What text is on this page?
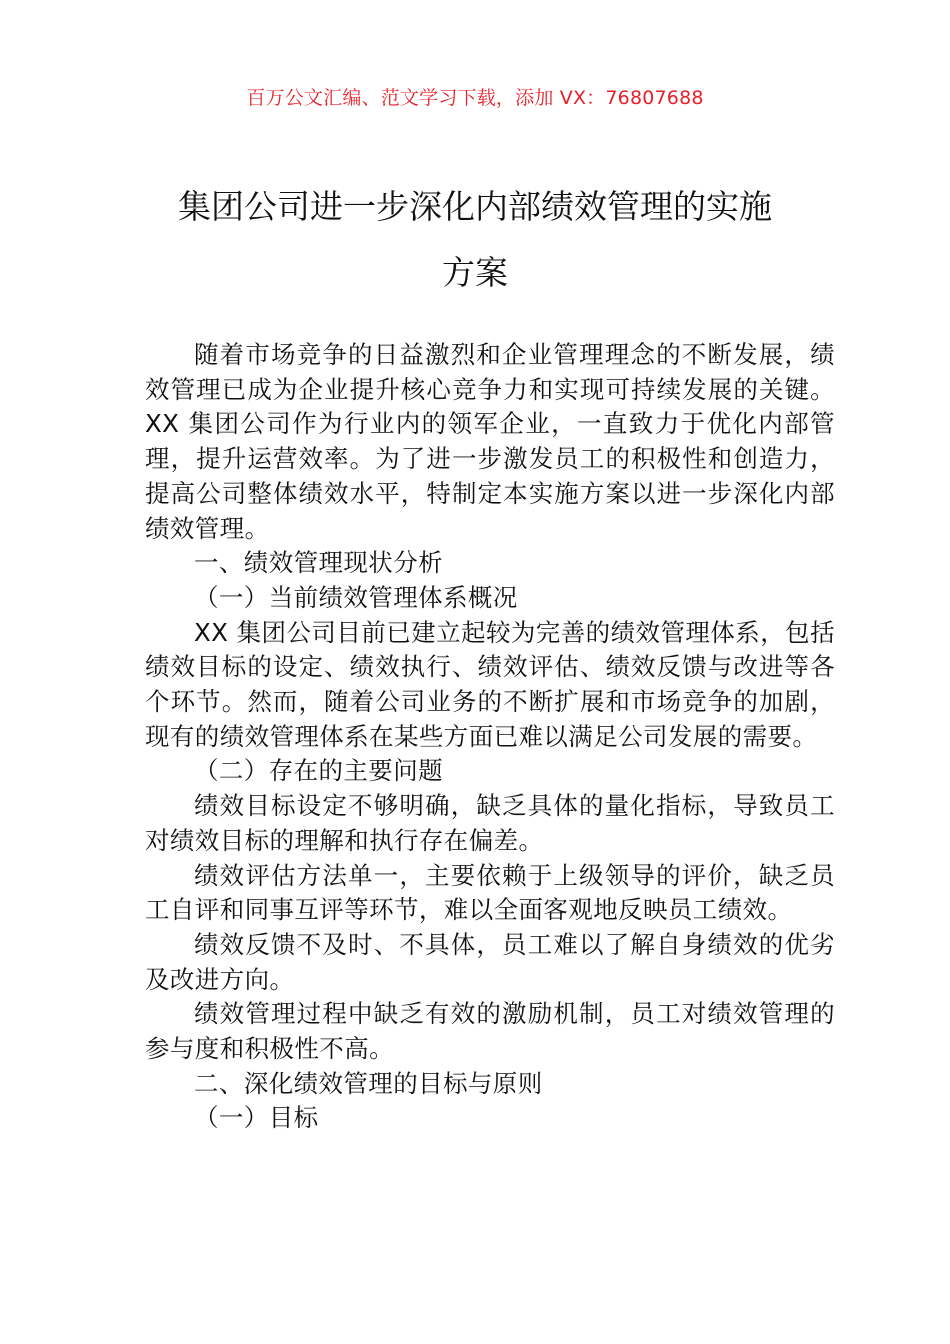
百万公文汇编、范文学习下载，添加 VX：76807688
集团公司进一步深化内部绩效管理的实施
方案

随着市场竞争的日益激烈和企业管理理念的不断发展，绩效管理已成为企业提升核心竞争力和实现可持续发展的关键。XX 集团公司作为行业内的领军企业，一直致力于优化内部管理，提升运营效率。为了进一步激发员工的积极性和创造力，提高公司整体绩效水平，特制定本实施方案以进一步深化内部绩效管理。

一、绩效管理现状分析

（一）当前绩效管理体系概况

XX 集团公司目前已建立起较为完善的绩效管理体系，包括绩效目标的设定、绩效执行、绩效评估、绩效反馈与改进等各个环节。然而，随着公司业务的不断扩展和市场竞争的加剧，现有的绩效管理体系在某些方面已难以满足公司发展的需要。

（二）存在的主要问题

绩效目标设定不够明确，缺乏具体的量化指标，导致员工对绩效目标的理解和执行存在偏差。

绩效评估方法单一，主要依赖于上级领导的评价，缺乏员工自评和同事互评等环节，难以全面客观地反映员工绩效。

绩效反馈不及时、不具体，员工难以了解自身绩效的优劣及改进方向。

绩效管理过程中缺乏有效的激励机制，员工对绩效管理的参与度和积极性不高。

二、深化绩效管理的目标与原则

（一）目标
